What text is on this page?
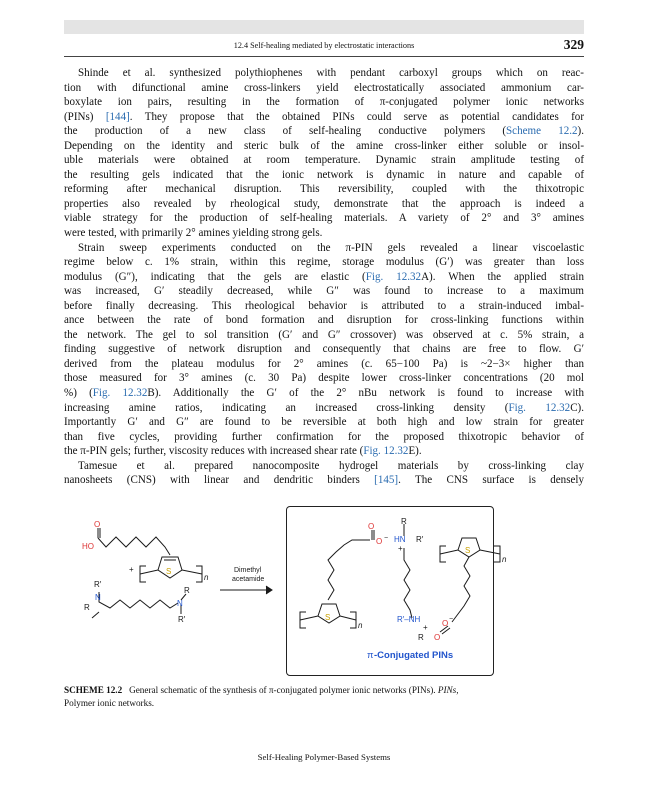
12.4 Self-healing mediated by electrostatic interactions	329
Shinde et al. synthesized polythiophenes with pendant carboxyl groups which on reac-
tion with difunctional amine cross-linkers yield electrostatically associated ammonium car-
boxylate ion pairs, resulting in the formation of π-conjugated polymer ionic networks
(PINs) [144]. They propose that the obtained PINs could serve as potential candidates for
the production of a new class of self-healing conductive polymers (Scheme 12.2).
Depending on the identity and steric bulk of the amine cross-linker either soluble or insol-
uble materials were obtained at room temperature. Dynamic strain amplitude testing of
the resulting gels indicated that the ionic network is dynamic in nature and capable of
reforming after mechanical disruption. This reversibility, coupled with the thixotropic
properties also revealed by rheological study, demonstrate that the approach is indeed a
viable strategy for the production of self-healing materials. A variety of 2° and 3° amines
were tested, with primarily 2° amines yielding strong gels.
Strain sweep experiments conducted on the π-PIN gels revealed a linear viscoelastic
regime below c. 1% strain, within this regime, storage modulus (G′) was greater than loss
modulus (G″), indicating that the gels are elastic (Fig. 12.32A). When the applied strain
was increased, G′ steadily decreased, while G″ was found to increase to a maximum
before finally decreasing. This rheological behavior is attributed to a strain-induced imbal-
ance between the rate of bond formation and disruption for cross-linking functions within
the network. The gel to sol transition (G′ and G″ crossover) was observed at c. 5% strain, a
finding suggestive of network disruption and consequently that chains are free to flow. G′
derived from the plateau modulus for 2° amines (c. 65−100 Pa) is ~2−3× higher than
those measured for 3° amines (c. 30 Pa) despite lower cross-linker concentrations (20 mol
%) (Fig. 12.32B). Additionally the G′ of the 2° nBu network is found to increase with
increasing amine ratios, indicating an increased cross-linking density (Fig. 12.32C).
Importantly G′ and G″ are found to be reversible at both high and low strain for greater
than five cycles, providing further confirmation for the proposed thixotropic behavior of
the π-PIN gels; further, viscosity reduces with increased shear rate (Fig. 12.32E).
Tamesue et al. prepared nanocomposite hydrogel materials by cross-linking clay
nanosheets (CNS) with linear and dendritic binders [145]. The CNS surface is densely
O
HO
+
R′
N
R
R
N
R′
S
n
Dimethyl
acetamide
R
HN R′
+
O
O −
R′–NH
+
R
O −
O
S
S
n
n
π -Conjugated PINs
SCHEME 12.2 General schematic of the synthesis of π-conjugated polymer ionic networks (PINs). PINs,
Polymer ionic networks.
Self-Healing Polymer-Based Systems
